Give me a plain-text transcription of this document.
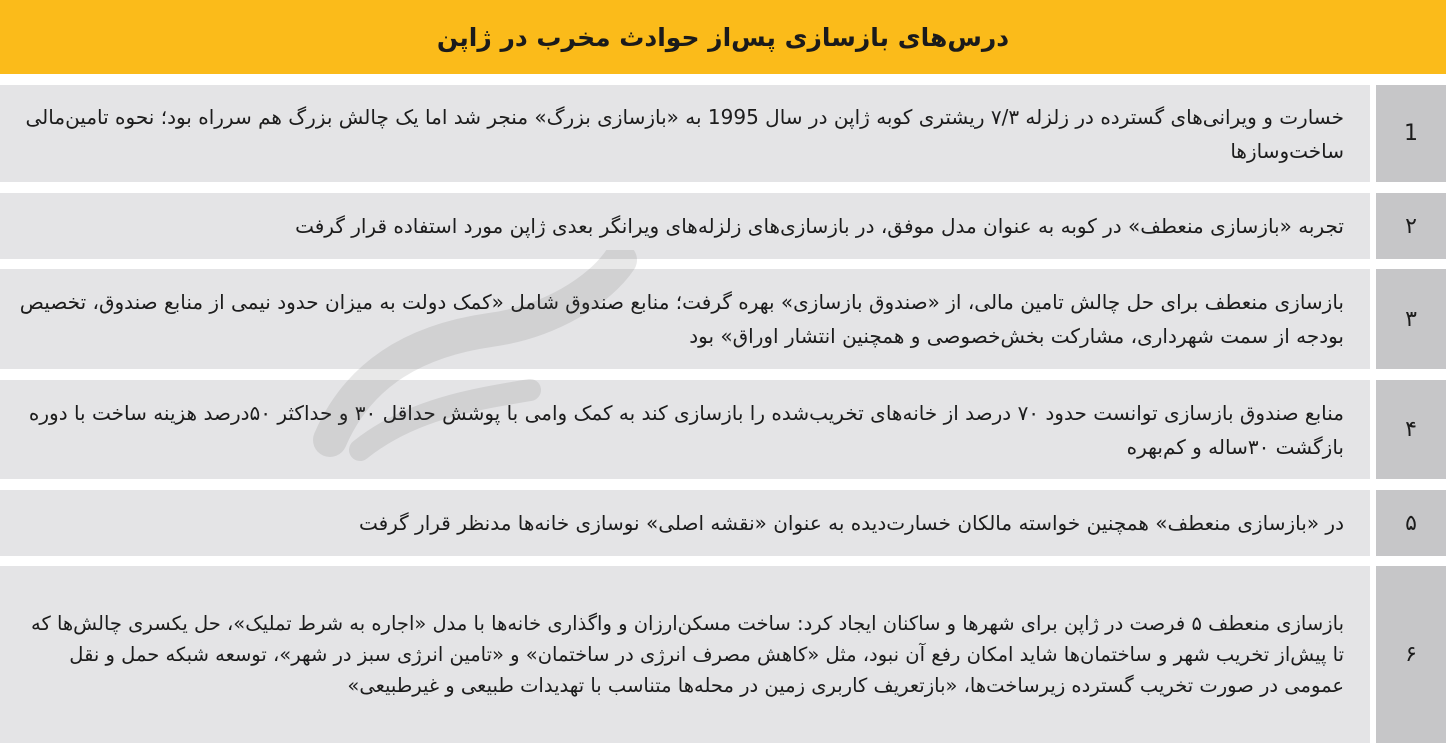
درس‌های بازسازی پس‌از حوادث مخرب در ژاپن
1
خسارت و ویرانی‌های گسترده در زلزله ۷/۳ ریشتری کوبه ژاپن در سال 1995 به «بازسازی بزرگ» منجر شد اما یک چالش بزرگ هم سرراه بود؛ نحوه تامین‌مالی ساخت‌وسازها
۲
تجربه «بازسازی منعطف» در کوبه به عنوان مدل موفق، در بازسازی‌های زلزله‌های ویرانگر بعدی ژاپن مورد استفاده قرار گرفت
۳
بازسازی منعطف برای حل چالش تامین مالی، از «صندوق بازسازی» بهره گرفت؛ منابع صندوق شامل «کمک دولت به میزان حدود نیمی از منابع صندوق، تخصیص بودجه از سمت شهرداری، مشارکت بخش‌خصوصی و همچنین انتشار اوراق» بود
۴
منابع صندوق بازسازی توانست حدود ۷۰ درصد از خانه‌های تخریب‌شده را بازسازی کند به کمک وامی با پوشش حداقل ۳۰ و حداکثر ۵۰درصد هزینه ساخت با دوره بازگشت ۳۰ساله و کم‌بهره
۵
در «بازسازی منعطف» همچنین خواسته مالکان خسارت‌دیده به عنوان «نقشه اصلی» نوسازی خانه‌ها مدنظر قرار گرفت
۶
بازسازی منعطف ۵ فرصت در ژاپن برای شهرها و ساکنان ایجاد کرد: ساخت مسکن‌ارزان و واگذاری خانه‌ها با مدل «اجاره به شرط تملیک»، حل یکسری چالش‌ها که تا پیش‌از تخریب شهر و ساختمان‌ها شاید امکان رفع آن نبود، مثل «کاهش مصرف انرژی در ساختمان» و «تامین انرژی سبز در شهر»، توسعه شبکه حمل و نقل عمومی در صورت تخریب گسترده زیرساخت‌ها، «بازتعریف کاربری زمین در محله‌ها متناسب با تهدیدات طبیعی و غیرطبیعی»
